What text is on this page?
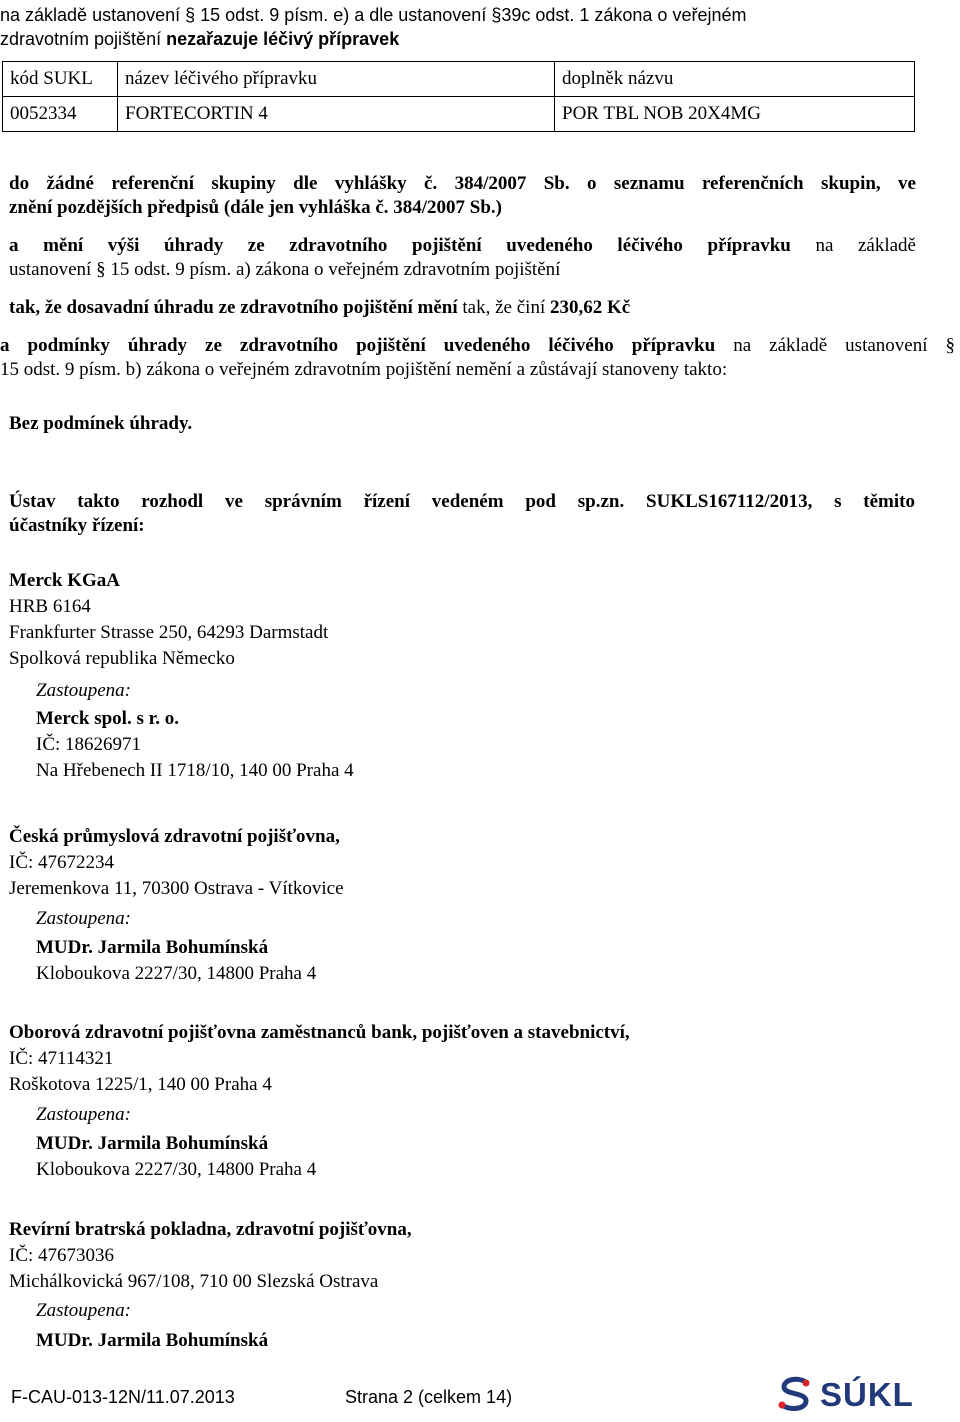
na základě ustanovení § 15 odst. 9 písm. e) a dle ustanovení §39c odst. 1 zákona o veřejném
zdravotním pojištění nezařazuje léčivý přípravek
kód SUKL	název léčivého přípravku	doplněk názvu
0052334	FORTECORTIN 4	POR TBL NOB 20X4MG
do žádné referenční skupiny dle vyhlášky č. 384/2007 Sb. o seznamu referenčních skupin, ve
znění pozdějších předpisů (dále jen vyhláška č. 384/2007 Sb.)
a mění výši úhrady ze zdravotního pojištění uvedeného léčivého přípravku na základě
ustanovení § 15 odst. 9 písm. a) zákona o veřejném zdravotním pojištění
tak, že dosavadní úhradu ze zdravotního pojištění mění tak, že činí 230,62 Kč
a podmínky úhrady ze zdravotního pojištění uvedeného léčivého přípravku na základě ustanovení §
15 odst. 9 písm. b) zákona o veřejném zdravotním pojištění nemění a zůstávají stanoveny takto:
Bez podmínek úhrady.
Ústav takto rozhodl ve správním řízení vedeném pod sp.zn. SUKLS167112/2013, s těmito
účastníky řízení:
Merck KGaA
HRB 6164
Frankfurter Strasse 250, 64293 Darmstadt
Spolková republika Německo
Zastoupena:
Merck spol. s r. o.
IČ: 18626971
Na Hřebenech II 1718/10, 140 00 Praha 4
Česká průmyslová zdravotní pojišťovna,
IČ: 47672234
Jeremenkova 11, 70300 Ostrava - Vítkovice
Zastoupena:
MUDr. Jarmila Bohumínská
Kloboukova 2227/30, 14800 Praha 4
Oborová zdravotní pojišťovna zaměstnanců bank, pojišťoven a stavebnictví,
IČ: 47114321
Roškotova 1225/1, 140 00 Praha 4
Zastoupena:
MUDr. Jarmila Bohumínská
Kloboukova 2227/30, 14800 Praha 4
Revírní bratrská pokladna, zdravotní pojišťovna,
IČ: 47673036
Michálkovická 967/108, 710 00 Slezská Ostrava
Zastoupena:
MUDr. Jarmila Bohumínská
F-CAU-013-12N/11.07.2013	Strana 2 (celkem 14)	SÚKL
